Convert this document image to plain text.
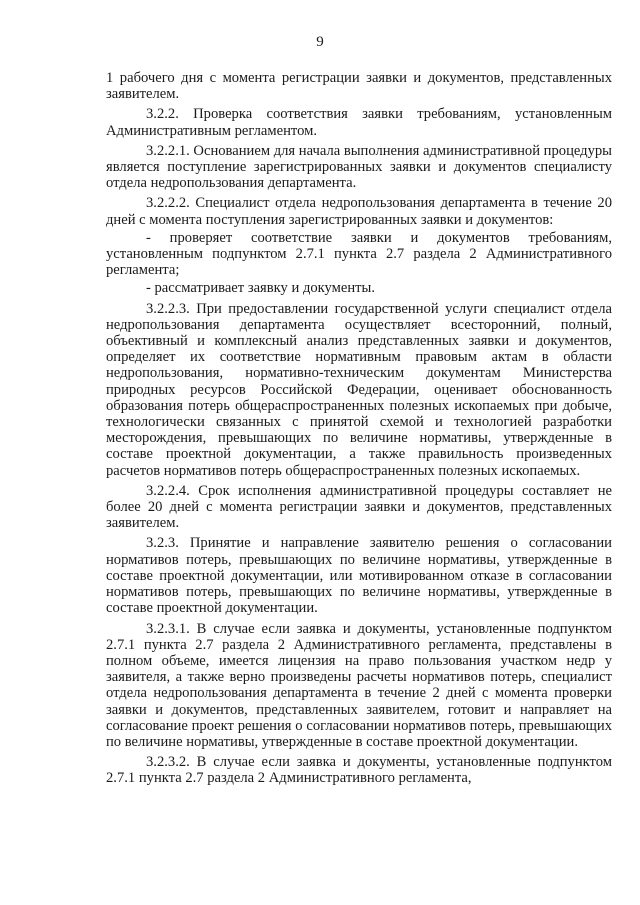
9

1 рабочего дня с момента регистрации заявки и документов, представленных заявителем.

3.2.2. Проверка соответствия заявки требованиям, установленным Административным регламентом.

3.2.2.1. Основанием для начала выполнения административной процедуры является поступление зарегистрированных заявки и документов специалисту отдела недропользования департамента.

3.2.2.2. Специалист отдела недропользования департамента в течение 20 дней с момента поступления зарегистрированных заявки и документов:

- проверяет соответствие заявки и документов требованиям, установленным подпунктом 2.7.1 пункта 2.7 раздела 2 Административного регламента;

- рассматривает заявку и документы.

3.2.2.3. При предоставлении государственной услуги специалист отдела недропользования департамента осуществляет всесторонний, полный, объективный и комплексный анализ представленных заявки и документов, определяет их соответствие нормативным правовым актам в области недропользования, нормативно-техническим документам Министерства природных ресурсов Российской Федерации, оценивает обоснованность образования потерь общераспространенных полезных ископаемых при добыче, технологически связанных с принятой схемой и технологией разработки месторождения, превышающих по величине нормативы, утвержденные в составе проектной документации, а также правильность произведенных расчетов нормативов потерь общераспространенных полезных ископаемых.

3.2.2.4. Срок исполнения административной процедуры составляет не более 20 дней с момента регистрации заявки и документов, представленных заявителем.

3.2.3. Принятие и направление заявителю решения о согласовании нормативов потерь, превышающих по величине нормативы, утвержденные в составе проектной документации, или мотивированном отказе в согласовании нормативов потерь, превышающих по величине нормативы, утвержденные в составе проектной документации.

3.2.3.1. В случае если заявка и документы, установленные подпунктом 2.7.1 пункта 2.7 раздела 2 Административного регламента, представлены в полном объеме, имеется лицензия на право пользования участком недр у заявителя, а также верно произведены расчеты нормативов потерь, специалист отдела недропользования департамента в течение 2 дней с момента проверки заявки и документов, представленных заявителем, готовит и направляет на согласование проект решения о согласовании нормативов потерь, превышающих по величине нормативы, утвержденные в составе проектной документации.

3.2.3.2. В случае если заявка и документы, установленные подпунктом 2.7.1 пункта 2.7 раздела 2 Административного регламента,
